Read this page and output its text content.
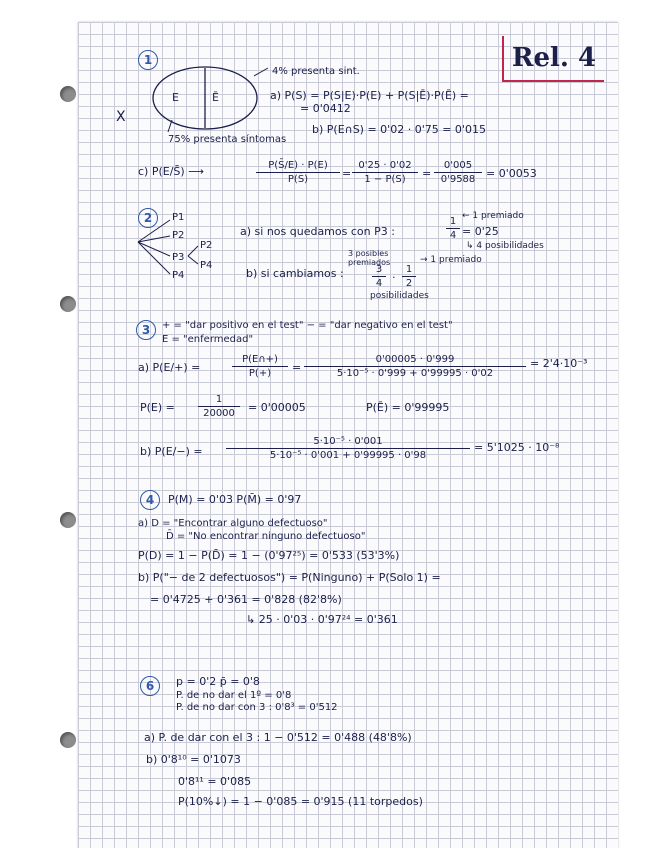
Rel. 4
X
1
E	Ē
4% presenta sint.
75% presenta síntomas
a) P(S) = P(S|E)·P(E) + P(S|Ē)·P(Ē) =
= 0'0412
b) P(E∩S) = 0'02 · 0'75 = 0'015
c) P(E/S̄) ⟶	P(S̄/E) · P(E)
P(S̄)	=
0'25 · 0'02
1 − P(S)	=
0'005
0'9588 = 0'0053
2	P1
P2
P2
P3
P4
P4
a) si nos quedamos con P3 :
1
4 = 0'25
← 1 premiado
↳ 4 posibilidades
b) si cambiamos :
3 posibles premiados
3
4 ·
1
2
→ 1 premiado
posibilidades
3	+ = "dar positivo en el test" − = "dar negativo en el test"
E = "enfermedad"
a) P(E/+) =
P(E∩+)
P(+)	=
0'00005 · 0'999
5·10⁻⁵ · 0'999 + 0'99995 · 0'02
= 2'4·10⁻³
P(E) =
1
20000	= 0'00005	P(Ē) = 0'99995
b) P(E/−) =
5·10⁻⁵ · 0'001
5·10⁻⁵ · 0'001 + 0'99995 · 0'98
= 5'1025 · 10⁻⁸
4	P(M) = 0'03 P(M̄) = 0'97
a) D = "Encontrar alguno defectuoso"
D̄ = "No encontrar ninguno defectuoso"
P(D) = 1 − P(D̄) = 1 − (0'97²⁵) = 0'533 (53'3%)
b) P("− de 2 defectuosos") = P(Ninguno) + P(Solo 1) =
= 0'4725 + 0'361 = 0'828 (82'8%)
↳ 25 · 0'03 · 0'97²⁴ = 0'361
6	p = 0'2 p̄ = 0'8
P. de no dar el 1º = 0'8
P. de no dar con 3 : 0'8³ = 0'512
a) P. de dar con el 3 : 1 − 0'512 = 0'488 (48'8%)
b) 0'8¹⁰ = 0'1073
0'8¹¹ = 0'085
P(10%↓) = 1 − 0'085 = 0'915 (11 torpedos)
